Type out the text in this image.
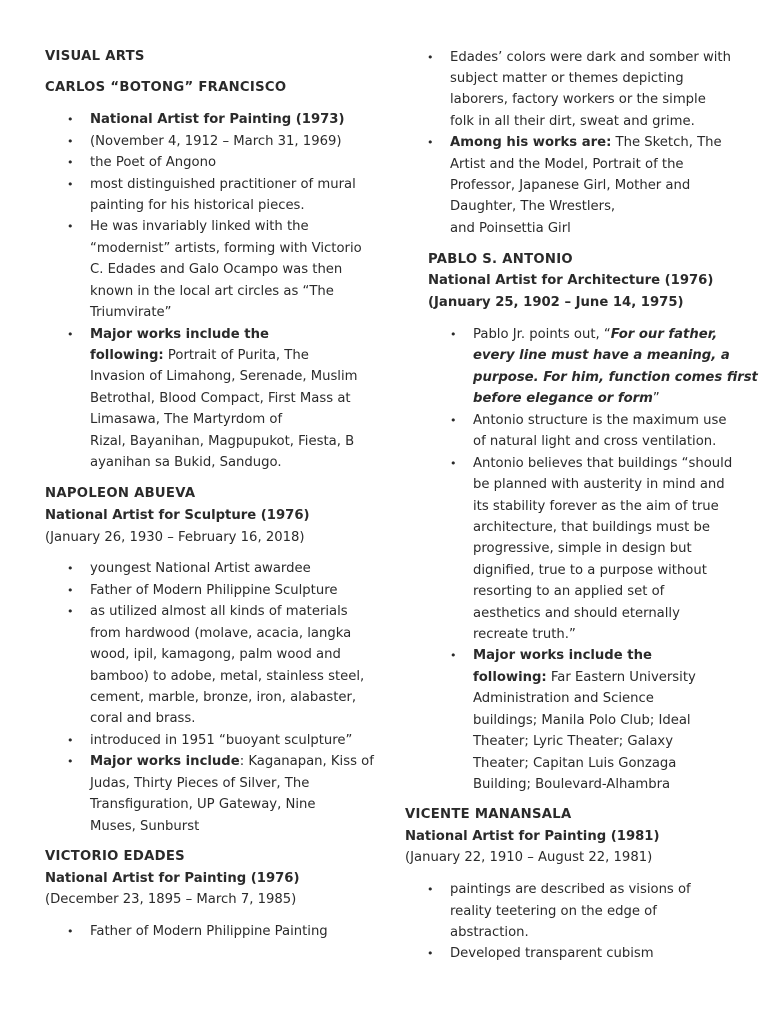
VISUAL ARTS
CARLOS “BOTONG” FRANCISCO
• National Artist for Painting (1973)
• (November 4, 1912 – March 31, 1969)
• the Poet of Angono
• most distinguished practitioner of mural
painting for his historical pieces.
• He was invariably linked with the
“modernist” artists, forming with Victorio
C. Edades and Galo Ocampo was then
known in the local art circles as “The
Triumvirate”
• Major works include the
following: Portrait of Purita, The
Invasion of Limahong, Serenade, Muslim
Betrothal, Blood Compact, First Mass at
Limasawa, The Martyrdom of
Rizal, Bayanihan, Magpupukot, Fiesta, B
ayanihan sa Bukid, Sandugo.
NAPOLEON ABUEVA
National Artist for Sculpture (1976)
(January 26, 1930 – February 16, 2018)
• youngest National Artist awardee
• Father of Modern Philippine Sculpture
• as utilized almost all kinds of materials
from hardwood (molave, acacia, langka
wood, ipil, kamagong, palm wood and
bamboo) to adobe, metal, stainless steel,
cement, marble, bronze, iron, alabaster,
coral and brass.
• introduced in 1951 “buoyant sculpture”
• Major works include: Kaganapan, Kiss of
Judas, Thirty Pieces of Silver, The
Transfiguration, UP Gateway, Nine
Muses, Sunburst
VICTORIO EDADES
National Artist for Painting (1976)
(December 23, 1895 – March 7, 1985)
• Father of Modern Philippine Painting
• Edades’ colors were dark and somber with
subject matter or themes depicting
laborers, factory workers or the simple
folk in all their dirt, sweat and grime.
• Among his works are: The Sketch, The
Artist and the Model, Portrait of the
Professor, Japanese Girl, Mother and
Daughter, The Wrestlers,
and Poinsettia Girl
PABLO S. ANTONIO
National Artist for Architecture (1976)
(January 25, 1902 – June 14, 1975)
• Pablo Jr. points out, “For our father,
every line must have a meaning, a
purpose. For him, function comes first
before elegance or form”
• Antonio structure is the maximum use
of natural light and cross ventilation.
• Antonio believes that buildings “should
be planned with austerity in mind and
its stability forever as the aim of true
architecture, that buildings must be
progressive, simple in design but
dignified, true to a purpose without
resorting to an applied set of
aesthetics and should eternally
recreate truth.”
• Major works include the
following: Far Eastern University
Administration and Science
buildings; Manila Polo Club; Ideal
Theater; Lyric Theater; Galaxy
Theater; Capitan Luis Gonzaga
Building; Boulevard-Alhambra
VICENTE MANANSALA
National Artist for Painting (1981)
(January 22, 1910 – August 22, 1981)
• paintings are described as visions of
reality teetering on the edge of
abstraction.
• Developed transparent cubism
